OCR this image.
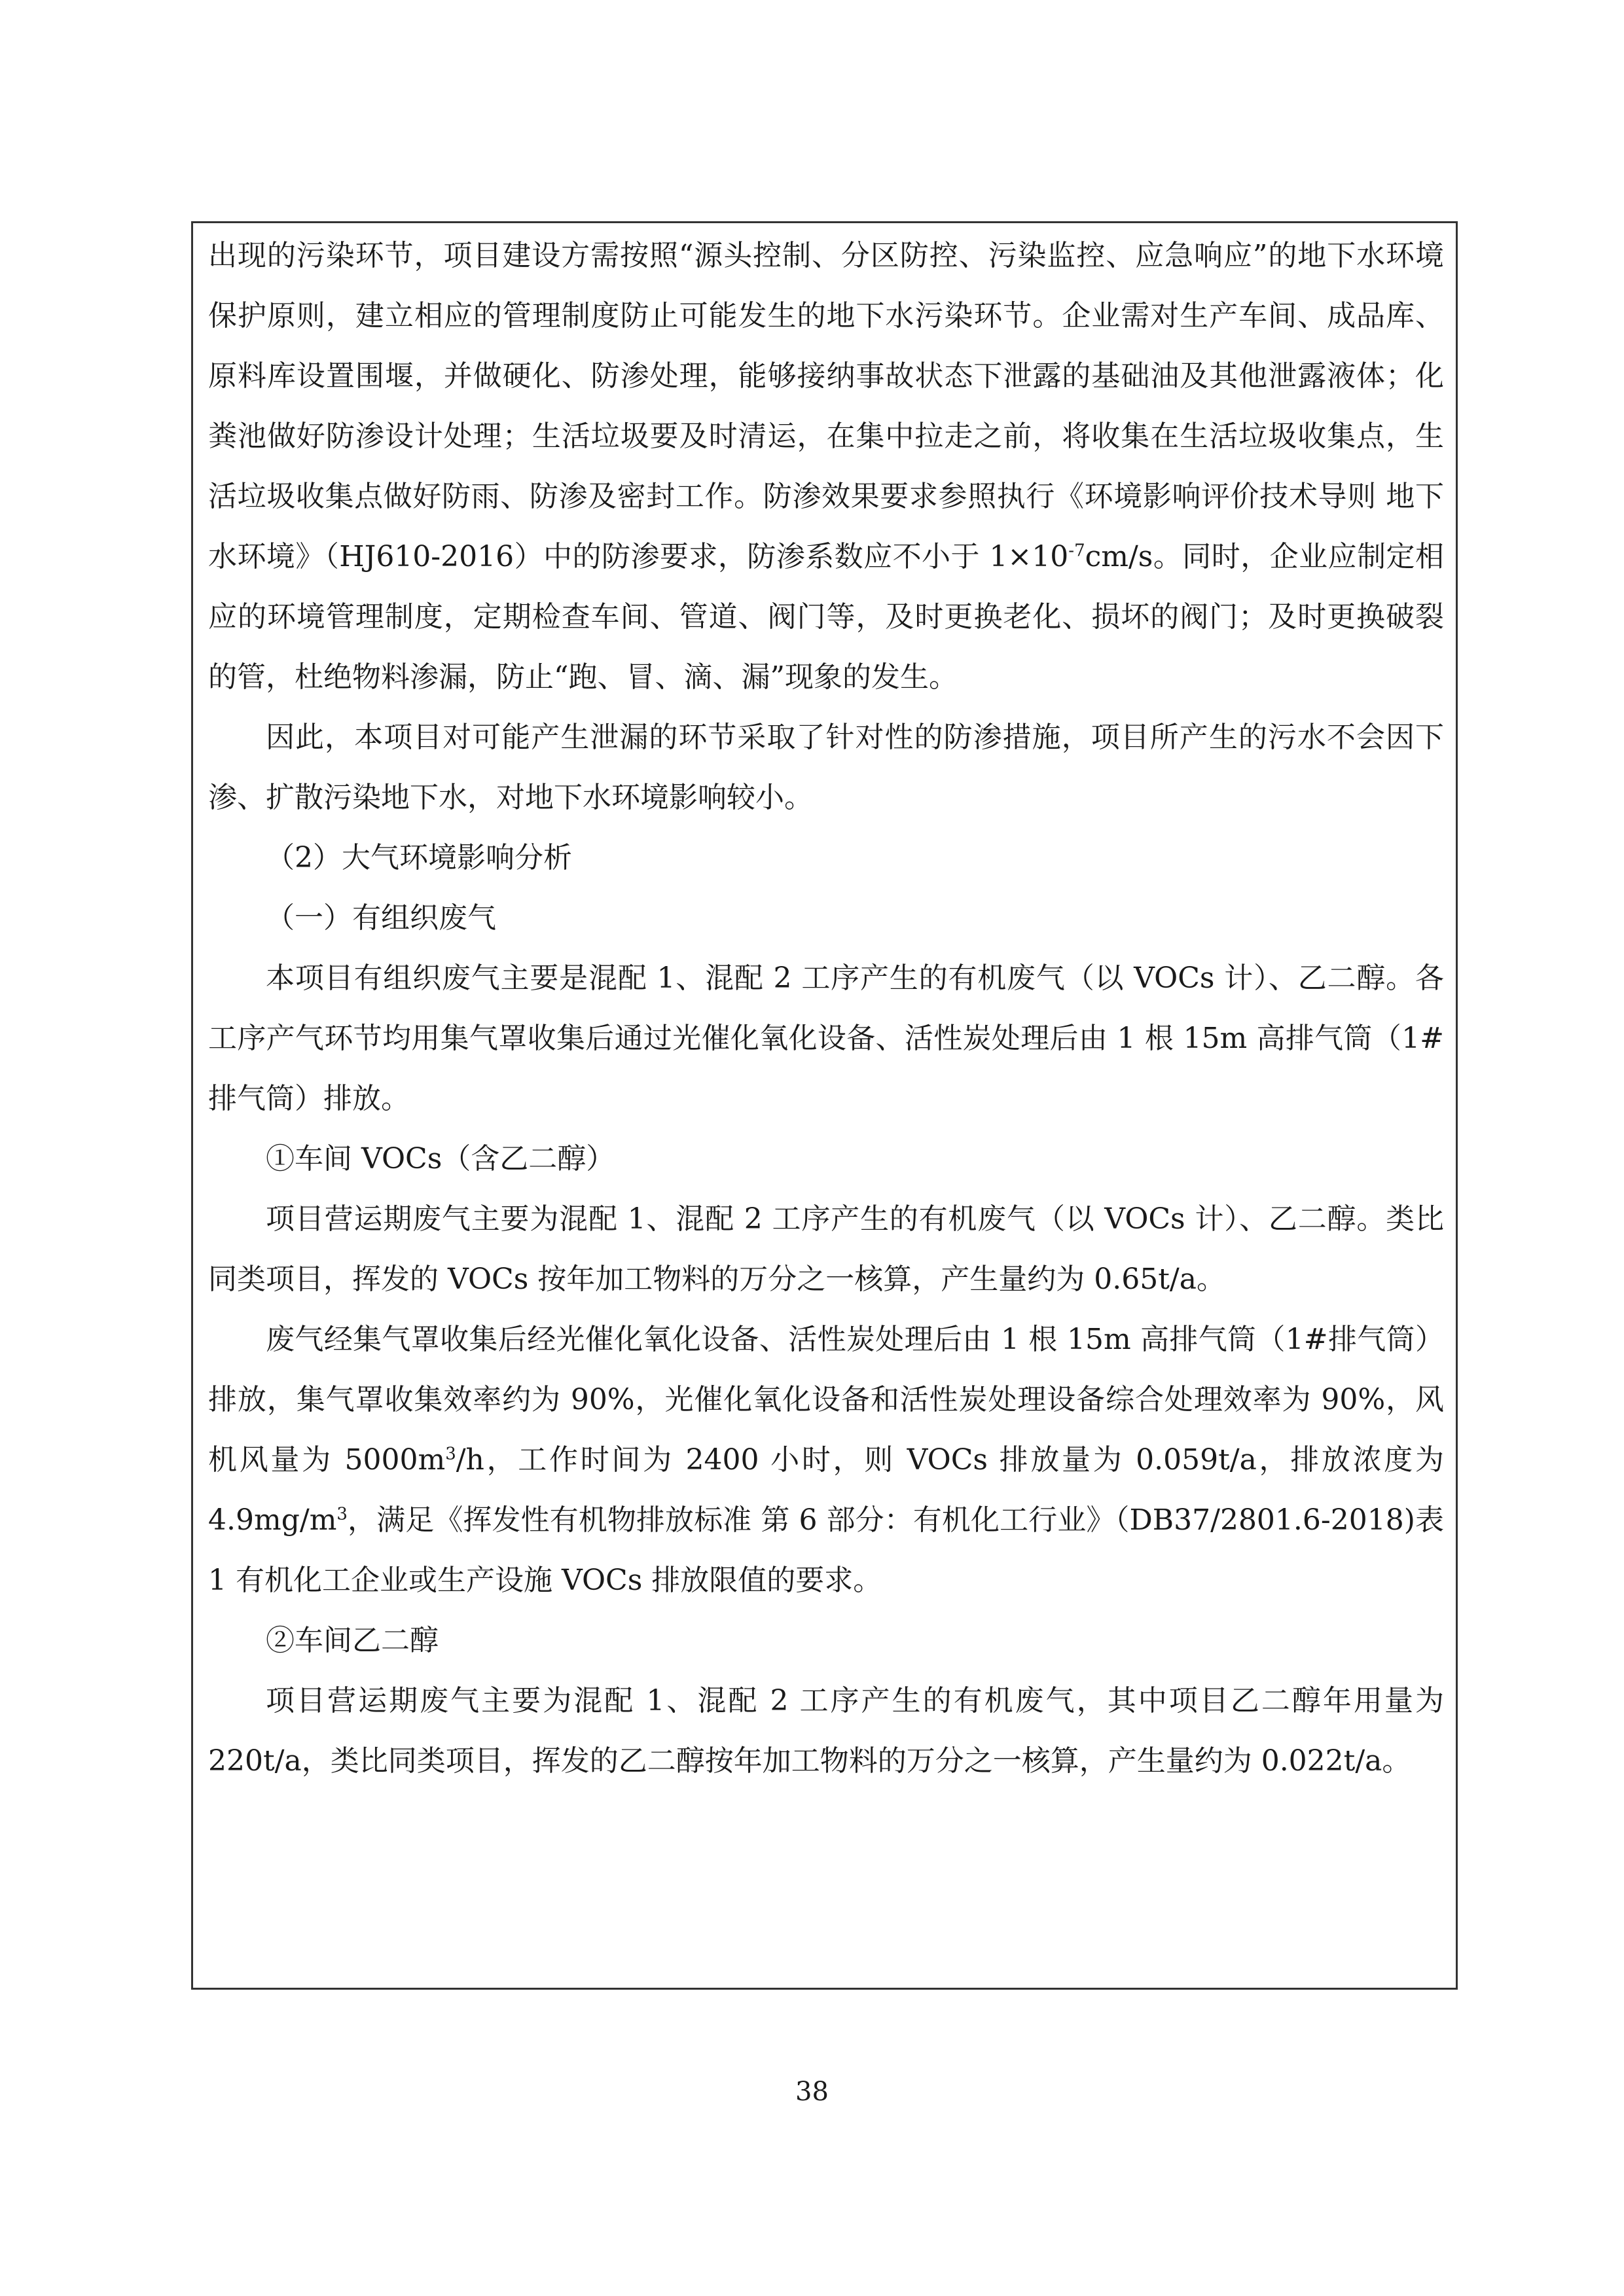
出现的污染环节，项目建设方需按照“源头控制、分区防控、污染监控、应急响应”的地下水环境保护原则，建立相应的管理制度防止可能发生的地下水污染环节。企业需对生产车间、成品库、原料库设置围堰，并做硬化、防渗处理，能够接纳事故状态下泄露的基础油及其他泄露液体；化粪池做好防渗设计处理；生活垃圾要及时清运，在集中拉走之前，将收集在生活垃圾收集点，生活垃圾收集点做好防雨、防渗及密封工作。防渗效果要求参照执行《环境影响评价技术导则 地下水环境》（HJ610-2016）中的防渗要求，防渗系数应不小于 $1\times 10^{-7}cm/s$。同时，企业应制定相应的环境管理制度，定期检查车间、管道、阀门等，及时更换老化、损坏的阀门；及时更换破裂的管，杜绝物料渗漏，防止“跑、冒、滴、漏”现象的发生。

因此，本项目对可能产生泄漏的环节采取了针对性的防渗措施，项目所产生的污水不会因下渗、扩散污染地下水，对地下水环境影响较小。

（2）大气环境影响分析

（一）有组织废气

本项目有组织废气主要是混配 1、混配 2 工序产生的有机废气（以 VOCs 计）、乙二醇。各工序产气环节均用集气罩收集后通过光催化氧化设备、活性炭处理后由 1 根 15m 高排气筒（1#排气筒）排放。

①车间 VOCs（含乙二醇）

项目营运期废气主要为混配 1、混配 2 工序产生的有机废气（以 VOCs 计）、乙二醇。类比同类项目，挥发的 VOCs 按年加工物料的万分之一核算，产生量约为 0.65t/a。

废气经集气罩收集后经光催化氧化设备、活性炭处理后由 1 根 15m 高排气筒（1#排气筒）排放，集气罩收集效率约为 90%，光催化氧化设备和活性炭处理设备综合处理效率为 90%，风机风量为 $5000m^3/h$，工作时间为 2400 小时，则 VOCs 排放量为 0.059t/a，排放浓度为 $4.9mg/m^3$，满足《挥发性有机物排放标准 第 6 部分：有机化工行业》（DB37/2801.6-2018)表 1 有机化工企业或生产设施 VOCs 排放限值的要求。

②车间乙二醇

项目营运期废气主要为混配 1、混配 2 工序产生的有机废气，其中项目乙二醇年用量为 220t/a，类比同类项目，挥发的乙二醇按年加工物料的万分之一核算，产生量约为 0.022t/a。

38
